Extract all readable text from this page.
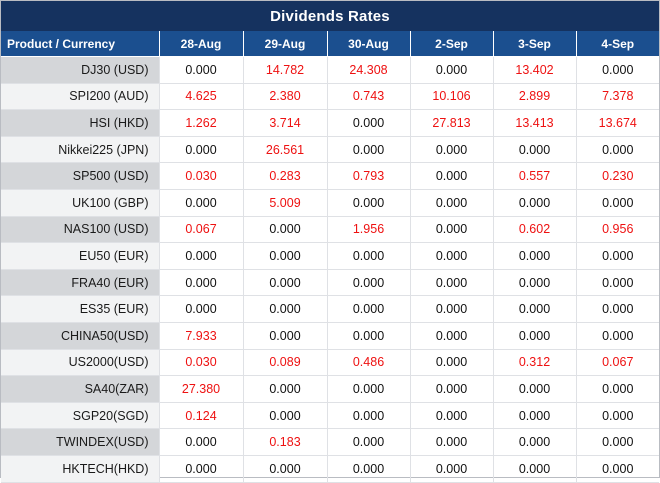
Dividends Rates
Product / Currency	28-Aug	29-Aug	30-Aug	2-Sep	3-Sep	4-Sep
DJ30 (USD)	0.000	14.782	24.308	0.000	13.402	0.000
SPI200 (AUD)	4.625	2.380	0.743	10.106	2.899	7.378
HSI (HKD)	1.262	3.714	0.000	27.813	13.413	13.674
Nikkei225 (JPN)	0.000	26.561	0.000	0.000	0.000	0.000
SP500 (USD)	0.030	0.283	0.793	0.000	0.557	0.230
UK100 (GBP)	0.000	5.009	0.000	0.000	0.000	0.000
NAS100 (USD)	0.067	0.000	1.956	0.000	0.602	0.956
EU50 (EUR)	0.000	0.000	0.000	0.000	0.000	0.000
FRA40 (EUR)	0.000	0.000	0.000	0.000	0.000	0.000
ES35 (EUR)	0.000	0.000	0.000	0.000	0.000	0.000
CHINA50(USD)	7.933	0.000	0.000	0.000	0.000	0.000
US2000(USD)	0.030	0.089	0.486	0.000	0.312	0.067
SA40(ZAR)	27.380	0.000	0.000	0.000	0.000	0.000
SGP20(SGD)	0.124	0.000	0.000	0.000	0.000	0.000
TWINDEX(USD)	0.000	0.183	0.000	0.000	0.000	0.000
HKTECH(HKD)	0.000	0.000	0.000	0.000	0.000	0.000
